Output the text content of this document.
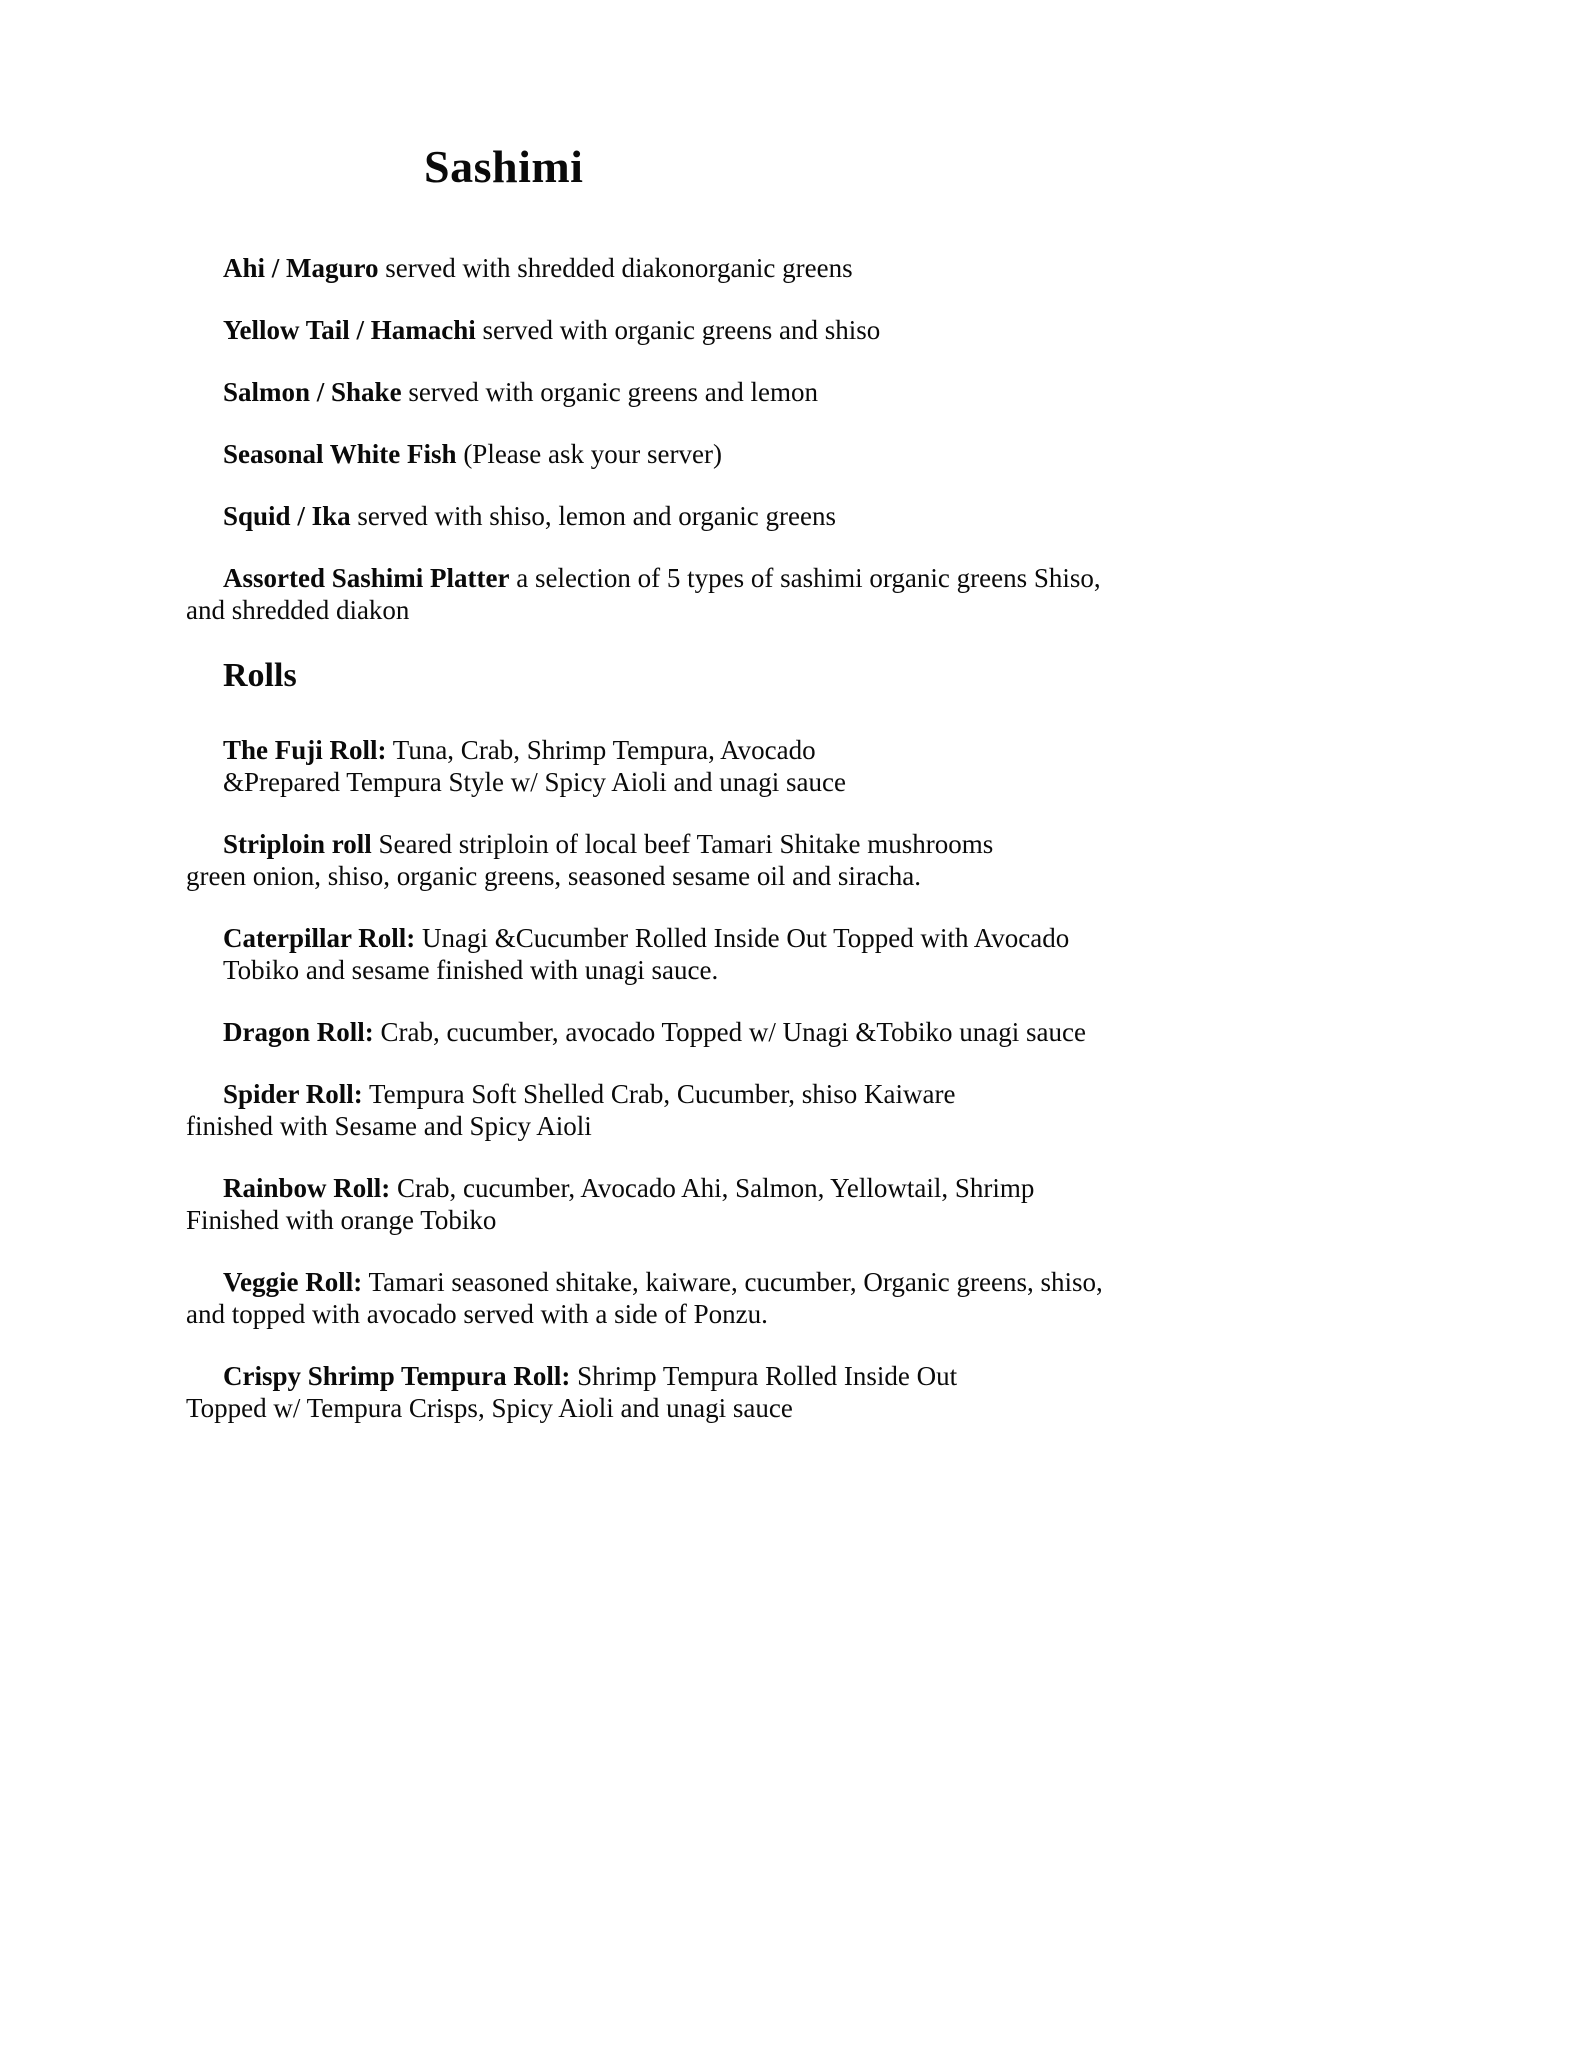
Sashimi

Ahi / Maguro served with shredded diakonorganic greens

Yellow Tail / Hamachi served with organic greens and shiso

Salmon / Shake served with organic greens and lemon

Seasonal White Fish (Please ask your server)

Squid / Ika served with shiso, lemon and organic greens

Assorted Sashimi Platter a selection of 5 types of sashimi organic greens Shiso,
and shredded diakon

Rolls

The Fuji Roll: Tuna, Crab, Shrimp Tempura, Avocado
&Prepared Tempura Style w/ Spicy Aioli and unagi sauce

Striploin roll Seared striploin of local beef Tamari Shitake mushrooms
green onion, shiso, organic greens, seasoned sesame oil and siracha.

Caterpillar Roll: Unagi &Cucumber Rolled Inside Out Topped with Avocado
Tobiko and sesame finished with unagi sauce.

Dragon Roll: Crab, cucumber, avocado Topped w/ Unagi &Tobiko unagi sauce

Spider Roll: Tempura Soft Shelled Crab, Cucumber, shiso Kaiware
finished with Sesame and Spicy Aioli

Rainbow Roll: Crab, cucumber, Avocado Ahi, Salmon, Yellowtail, Shrimp
Finished with orange Tobiko

Veggie Roll: Tamari seasoned shitake, kaiware, cucumber, Organic greens, shiso,
and topped with avocado served with a side of Ponzu.

Crispy Shrimp Tempura Roll: Shrimp Tempura Rolled Inside Out
Topped w/ Tempura Crisps, Spicy Aioli and unagi sauce
